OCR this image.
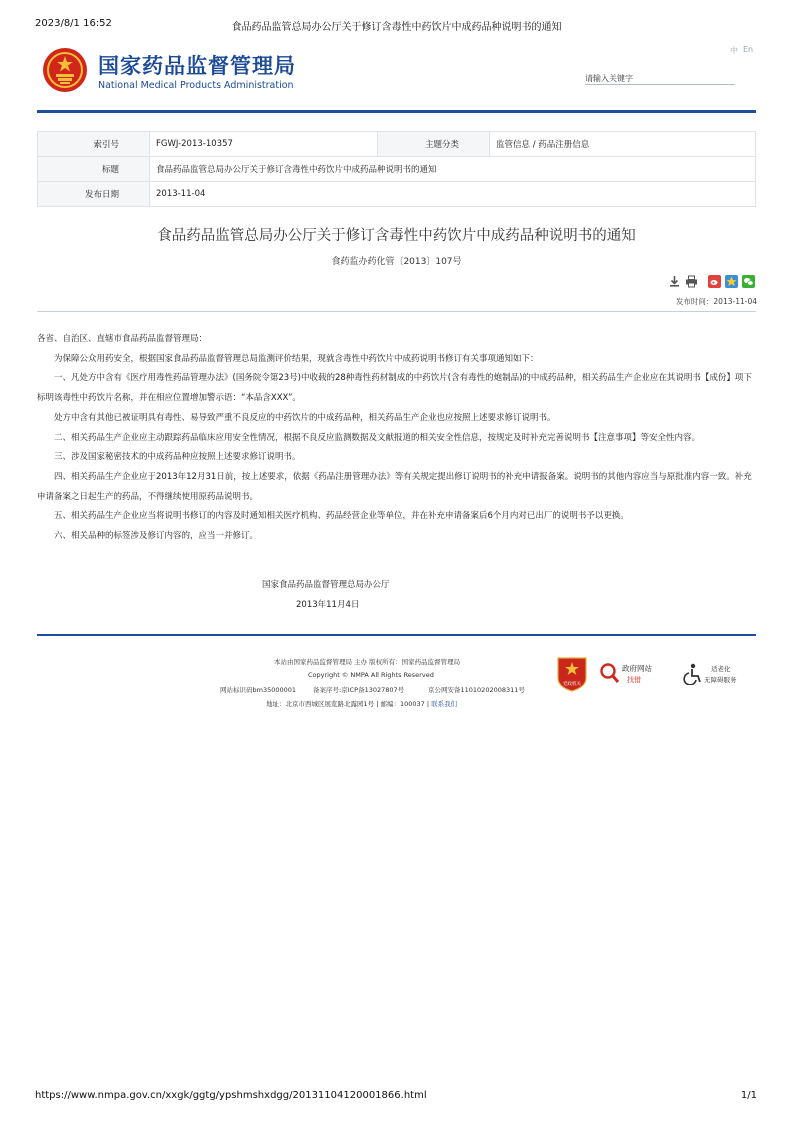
2023/8/1 16:52	食品药品监管总局办公厅关于修订含毒性中药饮片中成药品种说明书的通知
国家药品监督管理局
National Medical Products Administration
中 En
请输入关键字
索引号	FGWJ-2013-10357	主题分类	监管信息 / 药品注册信息
标题	食品药品监管总局办公厅关于修订含毒性中药饮片中成药品种说明书的通知		
发布日期	2013-11-04		
食品药品监管总局办公厅关于修订含毒性中药饮片中成药品种说明书的通知
食药监办药化管〔2013〕107号
发布时间：2013-11-04

各省、自治区、直辖市食品药品监督管理局：

为保障公众用药安全，根据国家食品药品监督管理总局监测评价结果，现就含毒性中药饮片中成药说明书修订有关事项通知如下：

一、凡处方中含有《医疗用毒性药品管理办法》(国务院令第23号)中收载的28种毒性药材制成的中药饮片(含有毒性的炮制品)的中成药品种，相关药品生产企业应在其说明书【成份】项下标明该毒性中药饮片名称，并在相应位置增加警示语：“本品含XXX”。

处方中含有其他已被证明具有毒性、易导致严重不良反应的中药饮片的中成药品种，相关药品生产企业也应按照上述要求修订说明书。

二、相关药品生产企业应主动跟踪药品临床应用安全性情况，根据不良反应监测数据及文献报道的相关安全性信息，按规定及时补充完善说明书【注意事项】等安全性内容。

三、涉及国家秘密技术的中成药品种应按照上述要求修订说明书。

四、相关药品生产企业应于2013年12月31日前，按上述要求，依据《药品注册管理办法》等有关规定提出修订说明书的补充申请报备案。说明书的其他内容应当与原批准内容一致。补充申请备案之日起生产的药品，不得继续使用原药品说明书。

五、相关药品生产企业应当将说明书修订的内容及时通知相关医疗机构、药品经营企业等单位，并在补充申请备案后6个月内对已出厂的说明书予以更换。

六、相关品种的标签涉及修订内容的，应当一并修订。

国家食品药品监督管理总局办公厅
2013年11月4日
本站由国家药品监督管理局 主办 版权所有：国家药品监督管理局
Copyright © NMPA All Rights Reserved
网站标识码bm35000001	备案序号:京ICP备13027807号	京公网安备11010202008311号
地址：北京市西城区展览路北露园1号 | 邮编：100037 | 联系我们
党政机关
政府网站
找错
适老化
无障碍服务
https://www.nmpa.gov.cn/xxgk/ggtg/ypshmshxdgg/20131104120001866.html	1/1
